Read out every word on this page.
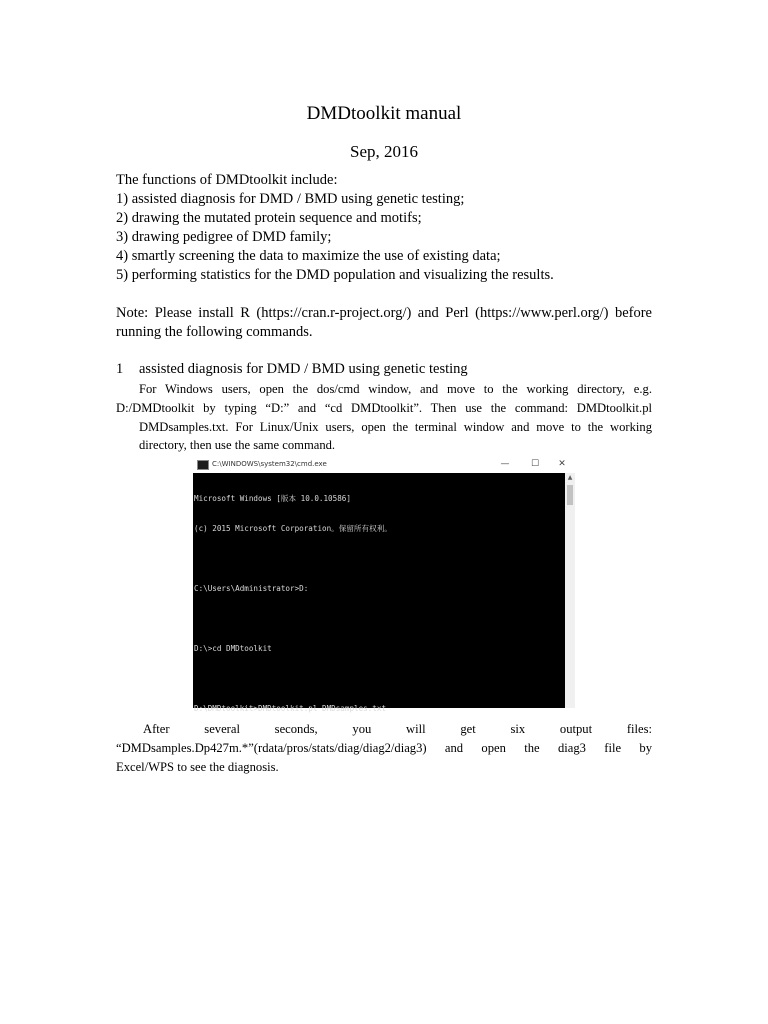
DMDtoolkit manual
Sep, 2016
The functions of DMDtoolkit include:
1) assisted diagnosis for DMD / BMD using genetic testing;
2) drawing the mutated protein sequence and motifs;
3) drawing pedigree of DMD family;
4) smartly screening the data to maximize the use of existing data;
5) performing statistics for the DMD population and visualizing the results.
Note: Please install R (https://cran.r-project.org/) and Perl (https://www.perl.org/) before running the following commands.
1 assisted diagnosis for DMD / BMD using genetic testing
For Windows users, open the dos/cmd window, and move to the working directory, e.g.
D:/DMDtoolkit by typing “D:” and “cd DMDtoolkit”. Then use the command: DMDtoolkit.pl
DMDsamples.txt. For Linux/Unix users, open the terminal window and move to the working
directory, then use the same command.
C:\WINDOWS\system32\cmd.exe	—	☐	✕

Microsoft Windows [版本 10.0.10586]

(c) 2015 Microsoft Corporation。保留所有权利。

C:\Users\Administrator>D:

D:\>cd DMDtoolkit

D:\DMDtoolkit>DMDtoolkit.pl DMDsamples.txt

▲
After several seconds, you will get six output files:
“DMDsamples.Dp427m.*”(rdata/pros/stats/diag/diag2/diag3) and open the diag3 file by
Excel/WPS to see the diagnosis.
